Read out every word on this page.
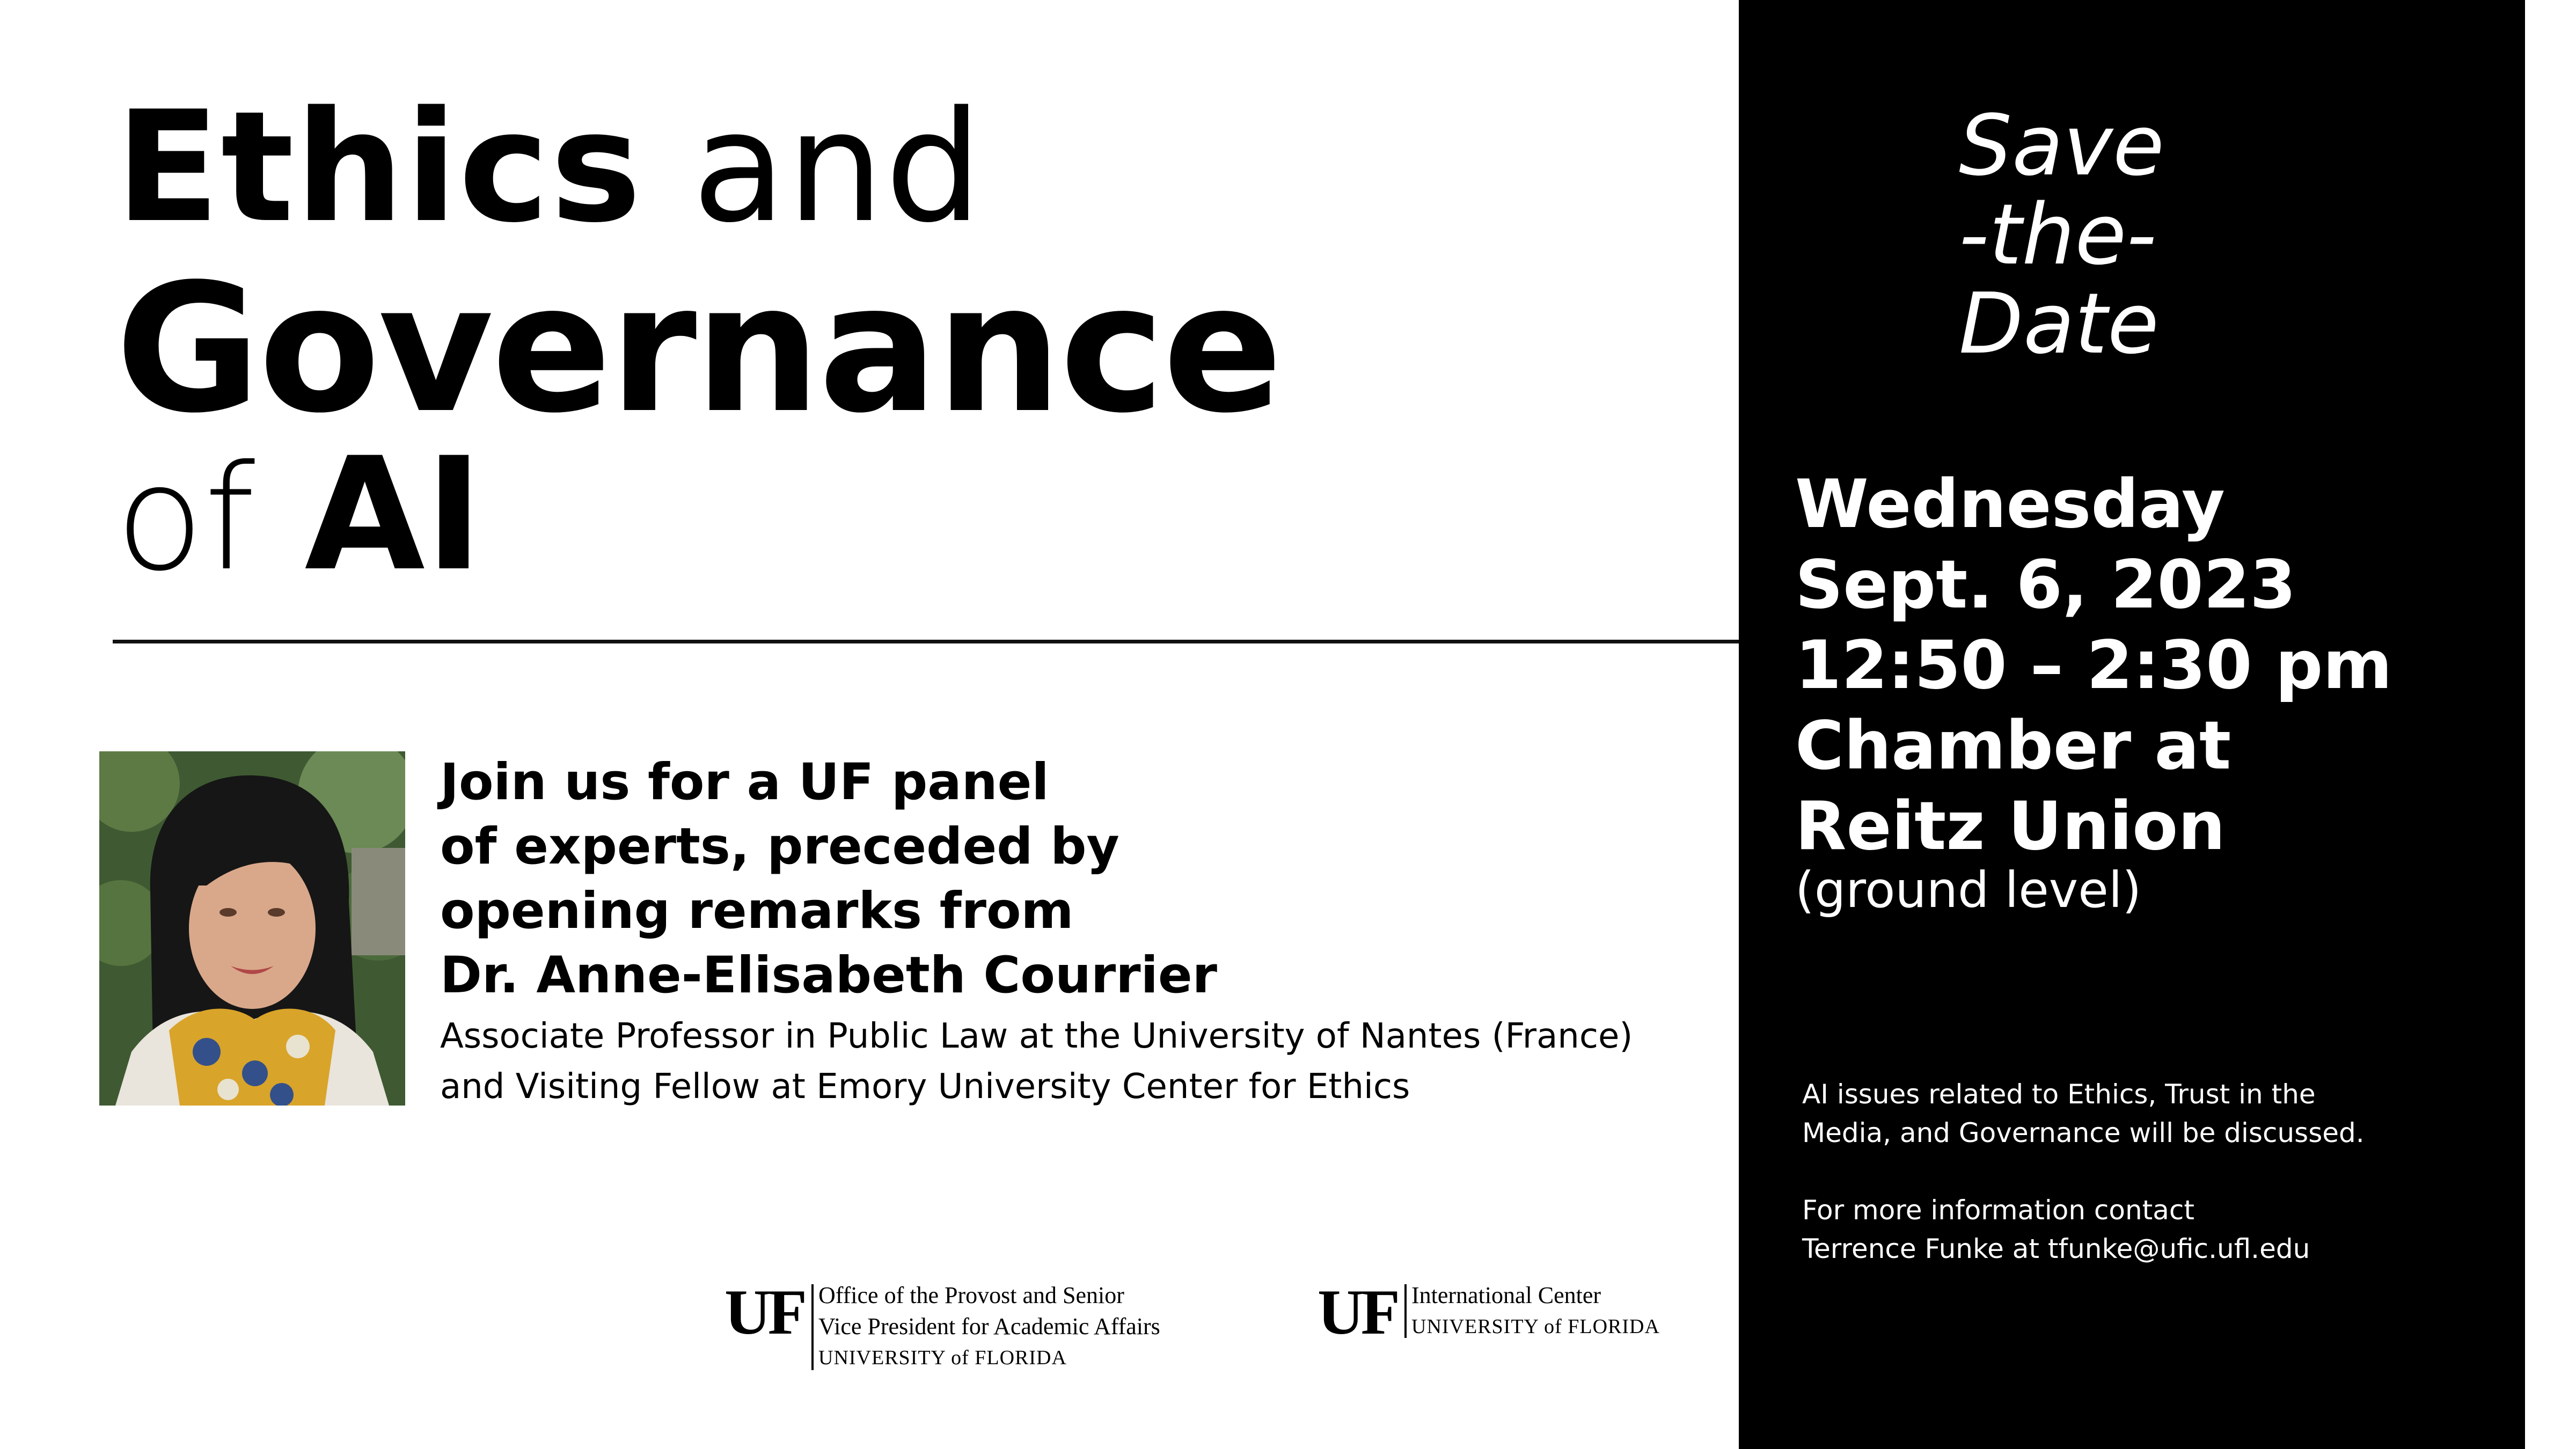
Ethics and
Governance
of AI
Join us for a UF panel
of experts, preceded by
opening remarks from
Dr. Anne-Elisabeth Courrier
Associate Professor in Public Law at the University of Nantes (France)
and Visiting Fellow at Emory University Center for Ethics
UF Office of the Provost and Senior
Vice President for Academic Affairs
UNIVERSITY of FLORIDA
UF International Center
UNIVERSITY of FLORIDA
Save
-the-
Date
Wednesday
Sept. 6, 2023
12:50 – 2:30 pm
Chamber at
Reitz Union
(ground level)
AI issues related to Ethics, Trust in the
Media, and Governance will be discussed.
For more information contact
Terrence Funke at tfunke@ufic.ufl.edu
